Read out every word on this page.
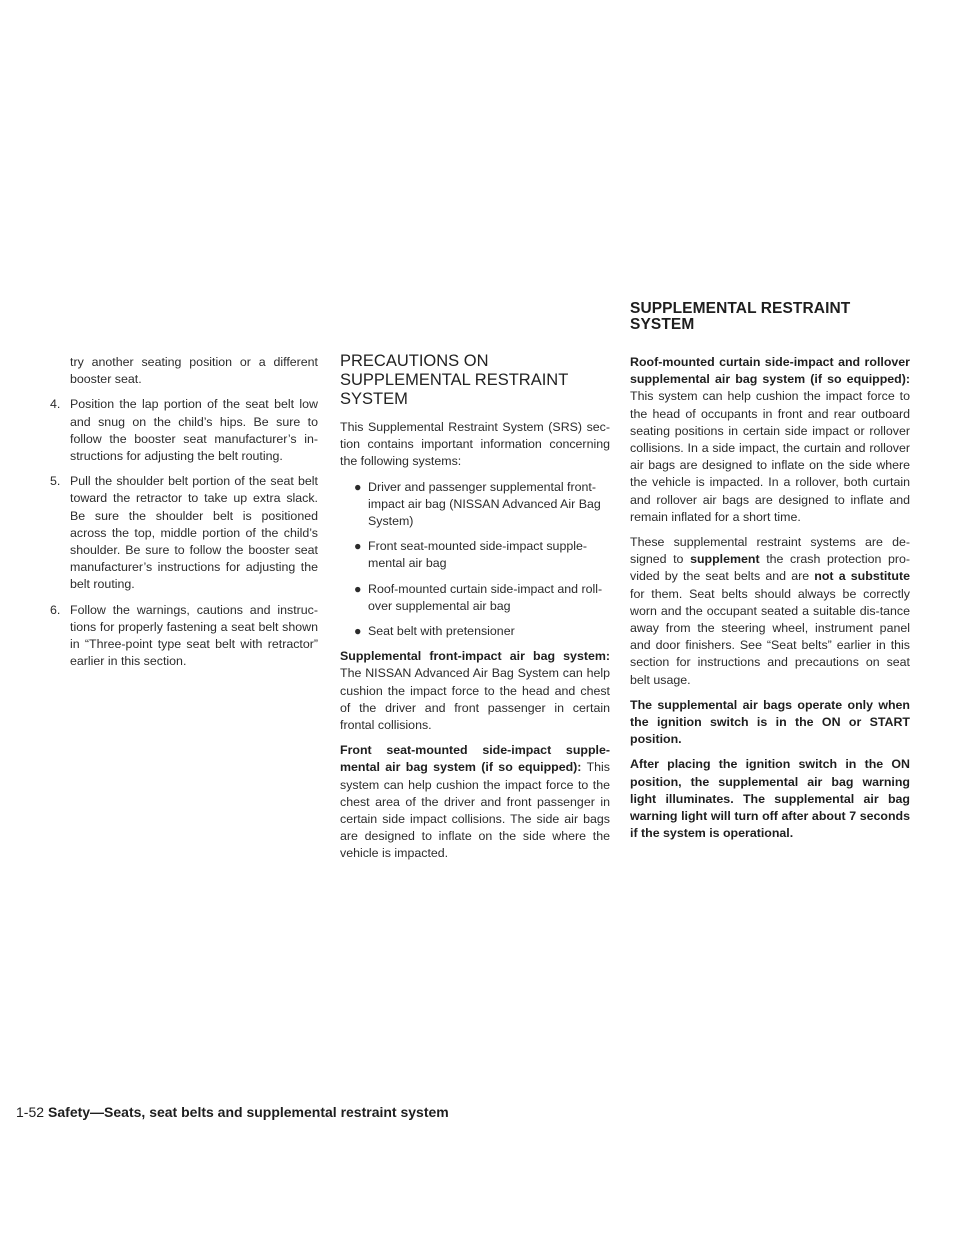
SUPPLEMENTAL RESTRAINT
SYSTEM
try another seating position or a different booster seat.
4. Position the lap portion of the seat belt low and snug on the child’s hips. Be sure to follow the booster seat manufacturer’s in-structions for adjusting the belt routing.
5. Pull the shoulder belt portion of the seat belt toward the retractor to take up extra slack. Be sure the shoulder belt is positioned across the top, middle portion of the child’s shoulder. Be sure to follow the booster seat manufacturer’s instructions for adjusting the belt routing.
6. Follow the warnings, cautions and instruc-tions for properly fastening a seat belt shown in “Three-point type seat belt with retractor” earlier in this section.
PRECAUTIONS ON
SUPPLEMENTAL RESTRAINT
SYSTEM

This Supplemental Restraint System (SRS) sec-tion contains important information concerning the following systems:

● Driver and passenger supplemental front-impact air bag (NISSAN Advanced Air Bag System)
● Front seat-mounted side-impact supple-mental air bag
● Roof-mounted curtain side-impact and roll-over supplemental air bag
● Seat belt with pretensioner

Supplemental front-impact air bag system: The NISSAN Advanced Air Bag System can help cushion the impact force to the head and chest of the driver and front passenger in certain frontal collisions.

Front seat-mounted side-impact supple-mental air bag system (if so equipped): This system can help cushion the impact force to the chest area of the driver and front passenger in certain side impact collisions. The side air bags are designed to inflate on the side where the vehicle is impacted.

Roof-mounted curtain side-impact and rollover supplemental air bag system (if so equipped): This system can help cushion the impact force to the head of occupants in front and rear outboard seating positions in certain side impact or rollover collisions. In a side impact, the curtain and rollover air bags are designed to inflate on the side where the vehicle is impacted. In a rollover, both curtain and rollover air bags are designed to inflate and remain inflated for a short time.

These supplemental restraint systems are de-signed to supplement the crash protection pro-vided by the seat belts and are not a substitute for them. Seat belts should always be correctly worn and the occupant seated a suitable dis-tance away from the steering wheel, instrument panel and door finishers. See “Seat belts” earlier in this section for instructions and precautions on seat belt usage.

The supplemental air bags operate only when the ignition switch is in the ON or START position.

After placing the ignition switch in the ON position, the supplemental air bag warning light illuminates. The supplemental air bag warning light will turn off after about 7 seconds if the system is operational.

1-52 Safety—Seats, seat belts and supplemental restraint system
